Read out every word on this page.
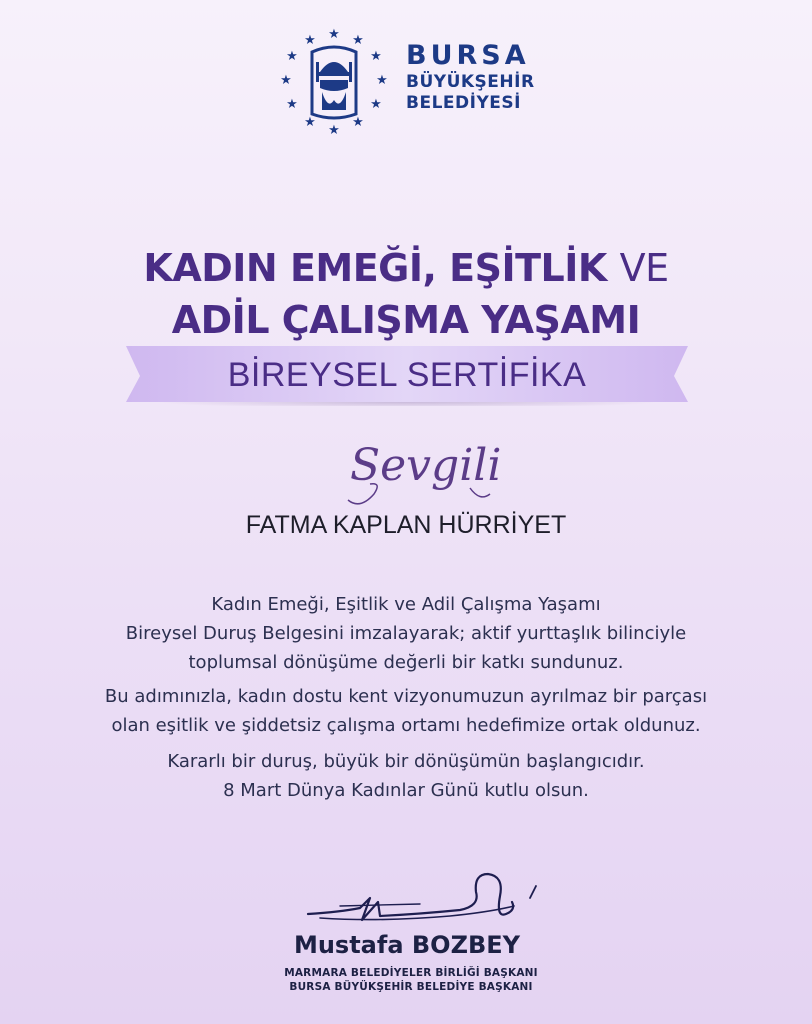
★ ★
★
★
★
★
★
★
★
★
★
★	BURSA
BÜYÜKŞEHİR
BELEDİYESİ
KADIN EMEĞİ, EŞİTLİK VE
ADİL ÇALIŞMA YAŞAMI
BİREYSEL SERTİFİKA
Sevgili
FATMA KAPLAN HÜRRİYET
Kadın Emeği, Eşitlik ve Adil Çalışma Yaşamı
Bireysel Duruş Belgesini imzalayarak; aktif yurttaşlık bilinciyle
toplumsal dönüşüme değerli bir katkı sundunuz.
Bu adımınızla, kadın dostu kent vizyonumuzun ayrılmaz bir parçası
olan eşitlik ve şiddetsiz çalışma ortamı hedefimize ortak oldunuz.
Kararlı bir duruş, büyük bir dönüşümün başlangıcıdır.
8 Mart Dünya Kadınlar Günü kutlu olsun.
Mustafa BOZBEY
MARMARA BELEDİYELER BİRLİĞİ BAŞKANI
BURSA BÜYÜKŞEHİR BELEDİYE BAŞKANI
